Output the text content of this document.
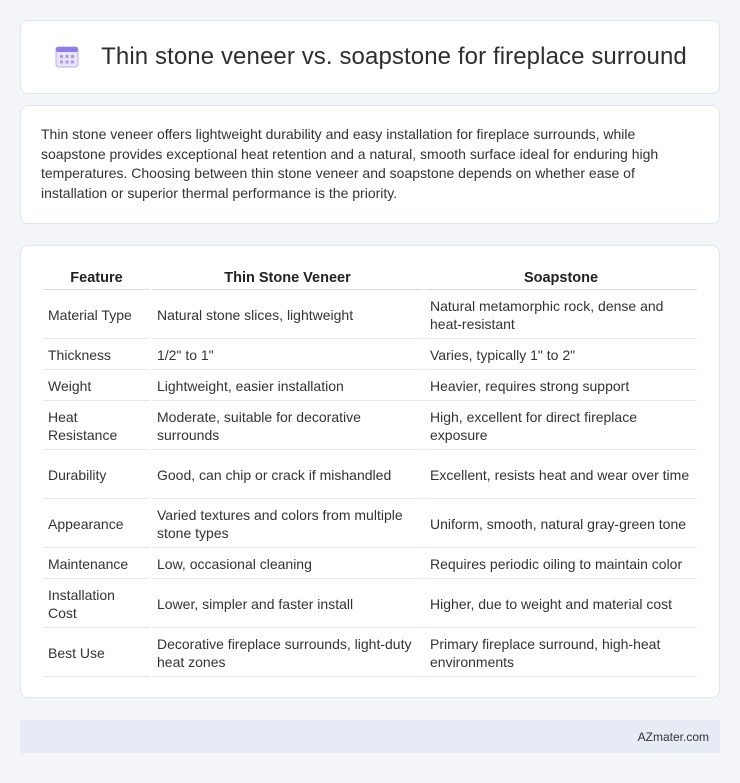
Thin stone veneer vs. soapstone for fireplace surround

Thin stone veneer offers lightweight durability and easy installation for fireplace surrounds, while soapstone provides exceptional heat retention and a natural, smooth surface ideal for enduring high temperatures. Choosing between thin stone veneer and soapstone depends on whether ease of installation or superior thermal performance is the priority.

Feature	Thin Stone Veneer	Soapstone
Material Type	Natural stone slices, lightweight	Natural metamorphic rock, dense and heat-resistant
Thickness	1/2" to 1"	Varies, typically 1" to 2"
Weight	Lightweight, easier installation	Heavier, requires strong support
Heat Resistance	Moderate, suitable for decorative surrounds	High, excellent for direct fireplace exposure
Durability	Good, can chip or crack if mishandled	Excellent, resists heat and wear over time
Appearance	Varied textures and colors from multiple stone types	Uniform, smooth, natural gray-green tone
Maintenance	Low, occasional cleaning	Requires periodic oiling to maintain color
Installation Cost	Lower, simpler and faster install	Higher, due to weight and material cost
Best Use	Decorative fireplace surrounds, light-duty heat zones	Primary fireplace surround, high-heat environments
AZmater.com
